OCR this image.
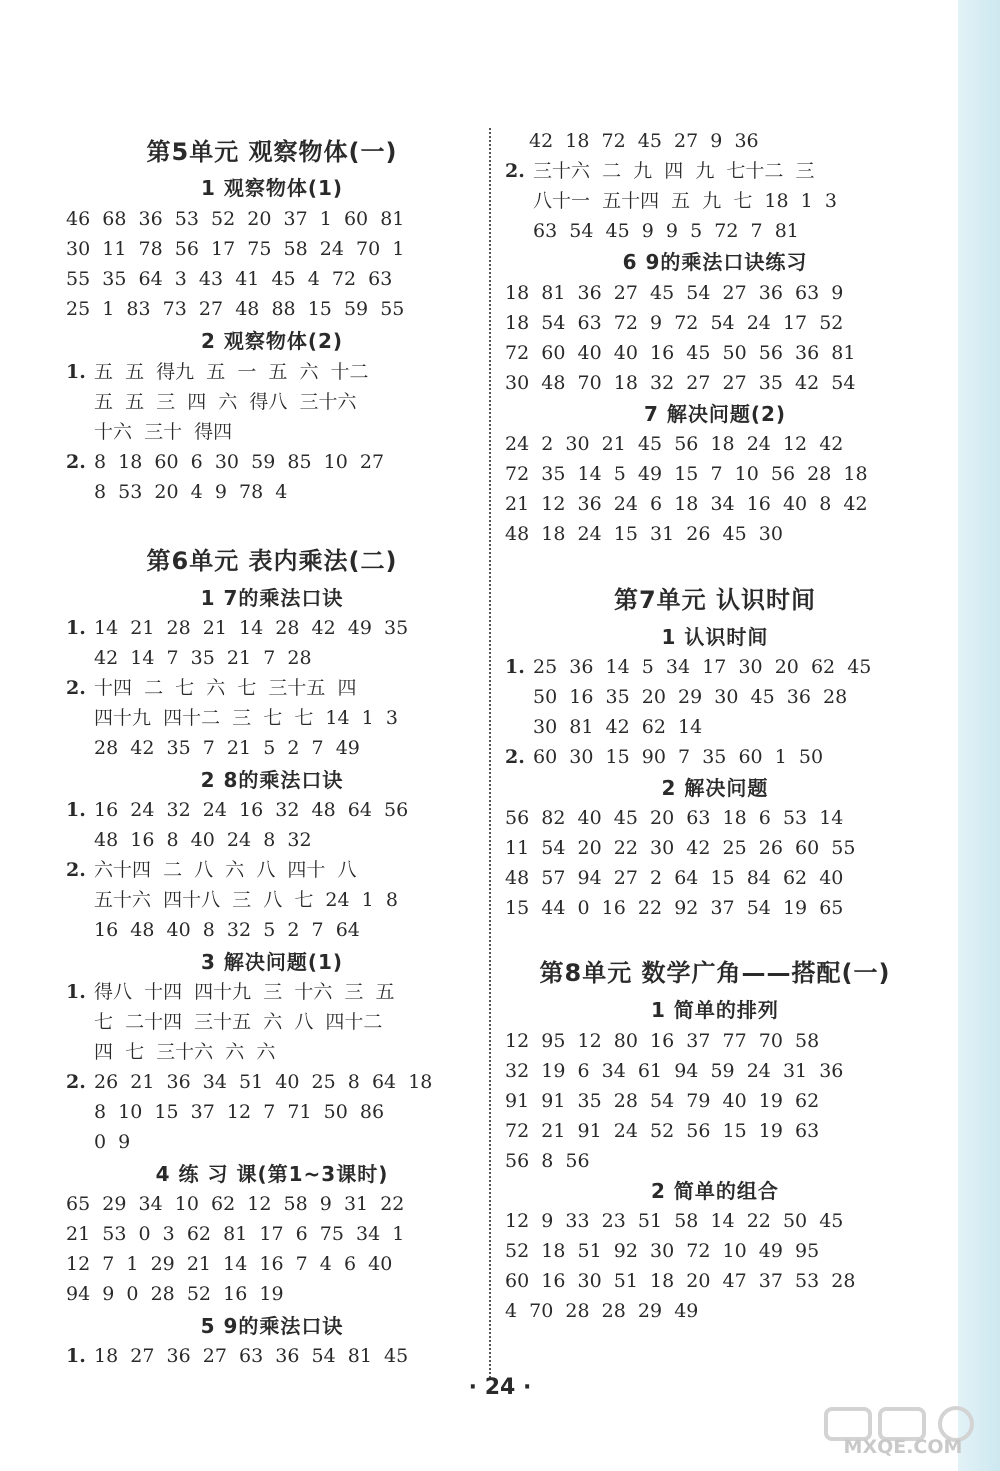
第5单元 观察物体(一)
1 观察物体(1)
46  68  36  53  52  20  37  1  60  81
30  11  78  56  17  75  58  24  70  1
55  35  64  3  43  41  45  4  72  63
25  1  83  73  27  48  88  15  59  55
2 观察物体(2)
1. 五  五  得九  五  一  五  六  十二
五  五  三  四  六  得八  三十六
十六  三十  得四
2. 8  18  60  6  30  59  85  10  27
8  53  20  4  9  78  4
第6单元 表内乘法(二)
1 7的乘法口诀
1. 14  21  28  21  14  28  42  49  35
42  14  7  35  21  7  28
2. 十四  二  七  六  七  三十五  四
四十九  四十二  三  七  七  14  1  3
28  42  35  7  21  5  2  7  49
2 8的乘法口诀
1. 16  24  32  24  16  32  48  64  56
48  16  8  40  24  8  32
2. 六十四  二  八  六  八  四十  八
五十六  四十八  三  八  七  24  1  8
16  48  40  8  32  5  2  7  64
3 解决问题(1)
1. 得八  十四  四十九  三  十六  三  五
七  二十四  三十五  六  八  四十二
四  七  三十六  六  六
2. 26  21  36  34  51  40  25  8  64  18
8  10  15  37  12  7  71  50  86
0  9
4 练 习 课(第1~3课时)
65  29  34  10  62  12  58  9  31  22
21  53  0  3  62  81  17  6  75  34  1
12  7  1  29  21  14  16  7  4  6  40
94  9  0  28  52  16  19
5 9的乘法口诀
1. 18  27  36  27  63  36  54  81  45
42  18  72  45  27  9  36
2. 三十六  二  九  四  九  七十二  三
八十一  五十四  五  九  七  18  1  3
63  54  45  9  9  5  72  7  81
6 9的乘法口诀练习
18  81  36  27  45  54  27  36  63  9
18  54  63  72  9  72  54  24  17  52
72  60  40  40  16  45  50  56  36  81
30  48  70  18  32  27  27  35  42  54
7 解决问题(2)
24  2  30  21  45  56  18  24  12  42
72  35  14  5  49  15  7  10  56  28  18
21  12  36  24  6  18  34  16  40  8  42
48  18  24  15  31  26  45  30
第7单元 认识时间
1 认识时间
1. 25  36  14  5  34  17  30  20  62  45
50  16  35  20  29  30  45  36  28
30  81  42  62  14
2. 60  30  15  90  7  35  60  1  50
2 解决问题
56  82  40  45  20  63  18  6  53  14
11  54  20  22  30  42  25  26  60  55
48  57  94  27  2  64  15  84  62  40
15  44  0  16  22  92  37  54  19  65
第8单元 数学广角——搭配(一)
1 简单的排列
12  95  12  80  16  37  77  70  58
32  19  6  34  61  94  59  24  31  36
91  91  35  28  54  79  40  19  62
72  21  91  24  52  56  15  19  63
56  8  56
2 简单的组合
12  9  33  23  51  58  14  22  50  45
52  18  51  92  30  72  10  49  95
60  16  30  51  18  20  47  37  53  28
4  70  28  28  29  49
· 24 ·
MXQE.COM
